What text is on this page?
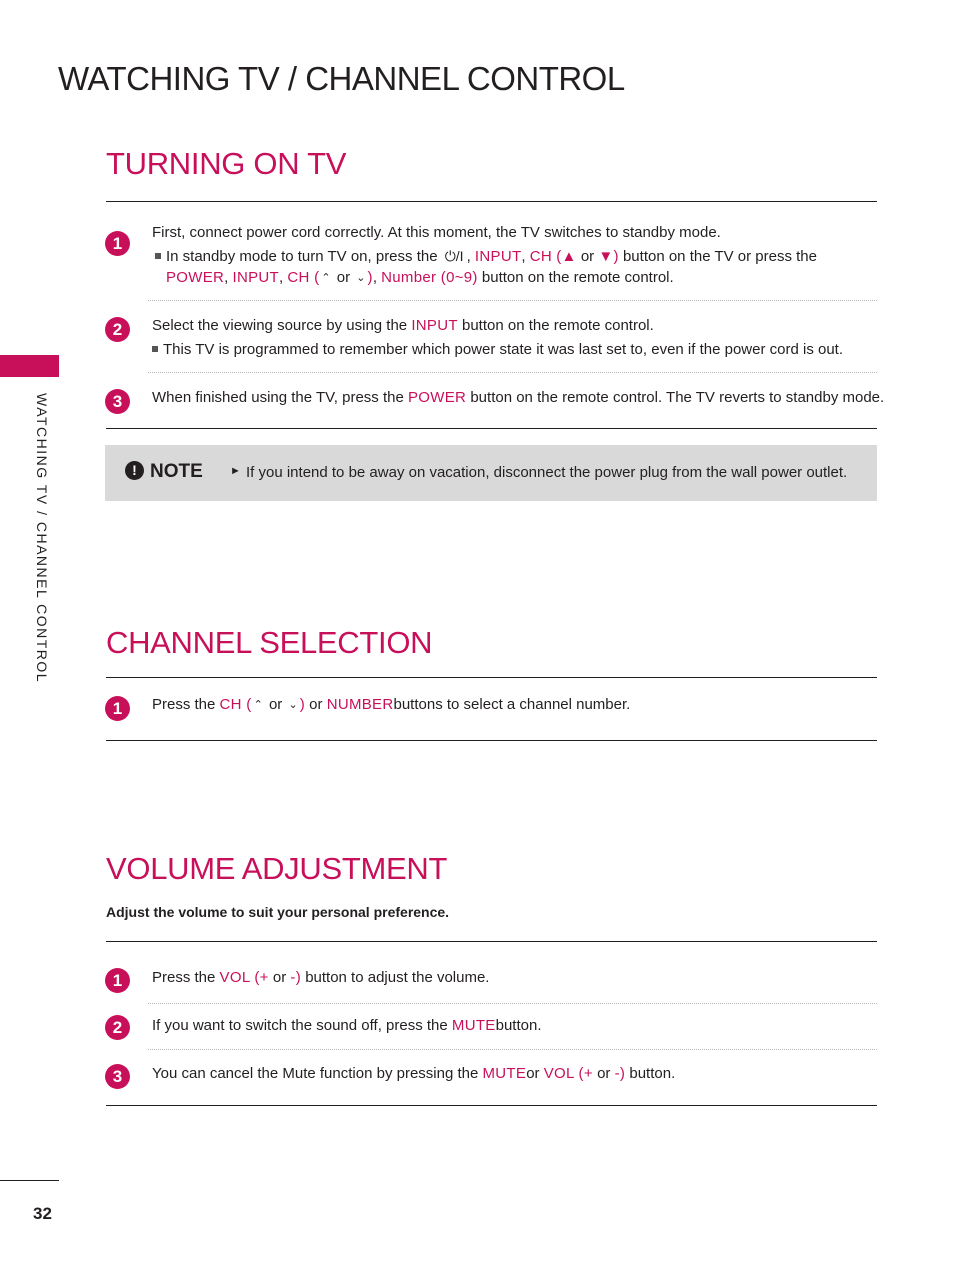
WATCHING TV / CHANNEL CONTROL
WATCHING TV / CHANNEL CONTROL
TURNING ON TV
1
First, connect power cord correctly. At this moment, the TV switches to standby mode.
In standby mode to turn TV on, press the ⏻/I , INPUT, CH (▲ or ▼) button on the TV or press the
POWER, INPUT, CH ( ⌃ or ⌄ ), Number (0~9) button on the remote control.
2	Select the viewing source by using the INPUT button on the remote control.
This TV is programmed to remember which power state it was last set to, even if the power cord is out.
3	When finished using the TV, press the POWER button on the remote control. The TV reverts to standby mode.
! NOTE ► If you intend to be away on vacation, disconnect the power plug from the wall power outlet.
CHANNEL SELECTION
1	Press the CH ( ⌃ or ⌄ ) or NUMBERbuttons to select a channel number.
VOLUME ADJUSTMENT
Adjust the volume to suit your personal preference.
1	Press the VOL (+ or -) button to adjust the volume.
2	If you want to switch the sound off, press the MUTEbutton.
3	You can cancel the Mute function by pressing the MUTEor VOL (+ or -) button.
32
